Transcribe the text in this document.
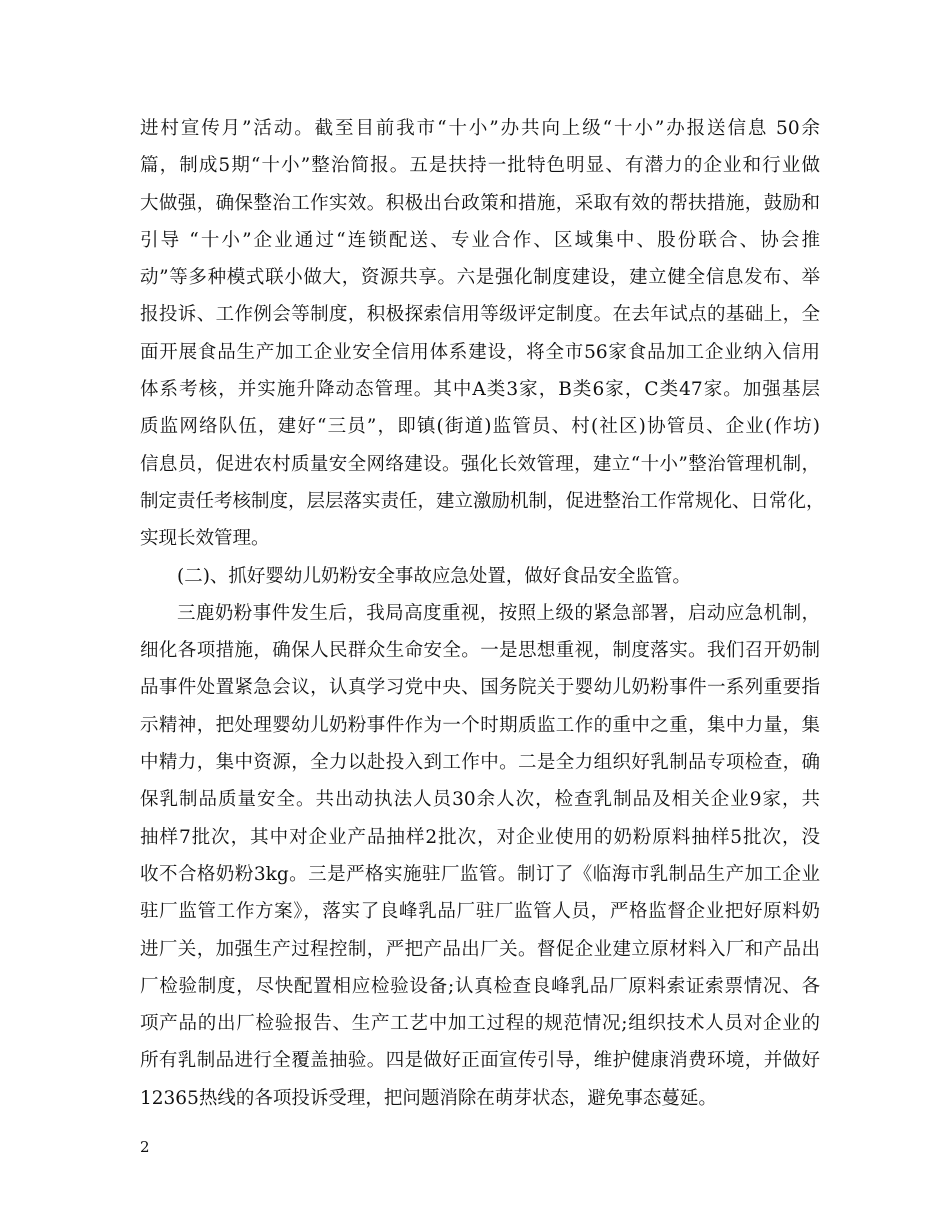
进村宣传月”活动。截至目前我市“十小”办共向上级“十小”办报送信息 50余
篇，制成5期“十小”整治简报。五是扶持一批特色明显、有潜力的企业和行业做
大做强，确保整治工作实效。积极出台政策和措施，采取有效的帮扶措施，鼓励和
引导 “十小”企业通过“连锁配送、专业合作、区域集中、股份联合、协会推
动”等多种模式联小做大，资源共享。六是强化制度建设，建立健全信息发布、举
报投诉、工作例会等制度，积极探索信用等级评定制度。在去年试点的基础上，全
面开展食品生产加工企业安全信用体系建设，将全市56家食品加工企业纳入信用
体系考核，并实施升降动态管理。其中A类3家，B类6家，C类47家。加强基层
质监网络队伍，建好“三员”，即镇(街道)监管员、村(社区)协管员、企业(作坊)
信息员，促进农村质量安全网络建设。强化长效管理，建立“十小”整治管理机制，
制定责任考核制度，层层落实责任，建立激励机制，促进整治工作常规化、日常化，
实现长效管理。
(二)、抓好婴幼儿奶粉安全事故应急处置，做好食品安全监管。
三鹿奶粉事件发生后，我局高度重视，按照上级的紧急部署，启动应急机制，
细化各项措施，确保人民群众生命安全。一是思想重视，制度落实。我们召开奶制
品事件处置紧急会议，认真学习党中央、国务院关于婴幼儿奶粉事件一系列重要指
示精神，把处理婴幼儿奶粉事件作为一个时期质监工作的重中之重，集中力量，集
中精力，集中资源，全力以赴投入到工作中。二是全力组织好乳制品专项检查，确
保乳制品质量安全。共出动执法人员30余人次，检查乳制品及相关企业9家，共
抽样7批次，其中对企业产品抽样2批次，对企业使用的奶粉原料抽样5批次，没
收不合格奶粉3kg。三是严格实施驻厂监管。制订了《临海市乳制品生产加工企业
驻厂监管工作方案》，落实了良峰乳品厂驻厂监管人员，严格监督企业把好原料奶
进厂关，加强生产过程控制，严把产品出厂关。督促企业建立原材料入厂和产品出
厂检验制度，尽快配置相应检验设备;认真检查良峰乳品厂原料索证索票情况、各
项产品的出厂检验报告、生产工艺中加工过程的规范情况;组织技术人员对企业的
所有乳制品进行全覆盖抽验。四是做好正面宣传引导，维护健康消费环境，并做好
12365热线的各项投诉受理，把问题消除在萌芽状态，避免事态蔓延。
2
